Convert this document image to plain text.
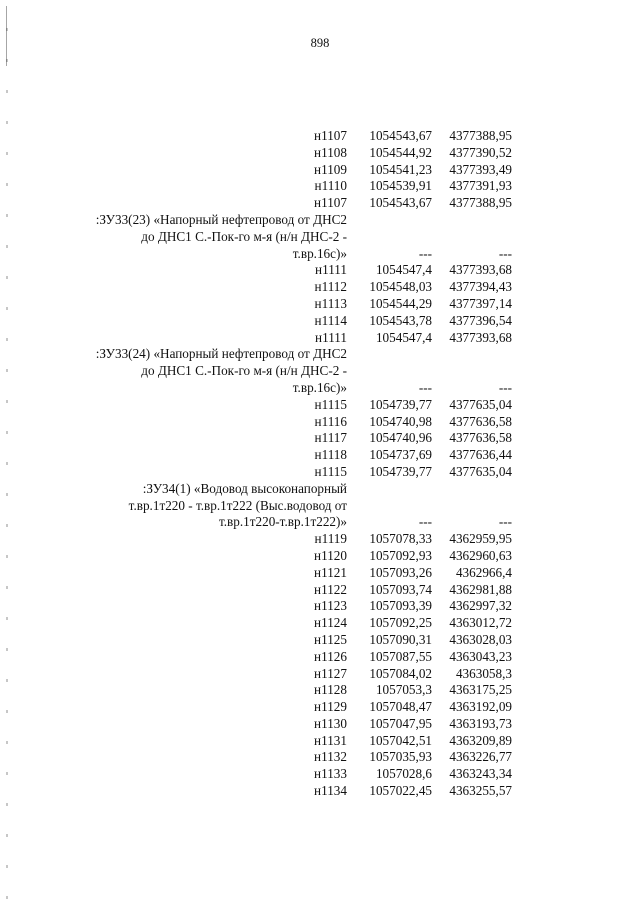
898
н1107	1054543,67	4377388,95
н1108	1054544,92	4377390,52
н1109	1054541,23	4377393,49
н1110	1054539,91	4377391,93
н1107	1054543,67	4377388,95
:ЗУ33(23) «Напорный нефтепровод от ДНС2
до ДНС1 С.-Пок-го м-я (н/н ДНС-2 -
т.вр.16с)»	---	---
н1111	1054547,4	4377393,68
н1112	1054548,03	4377394,43
н1113	1054544,29	4377397,14
н1114	1054543,78	4377396,54
н1111	1054547,4	4377393,68
:ЗУ33(24) «Напорный нефтепровод от ДНС2
до ДНС1 С.-Пок-го м-я (н/н ДНС-2 -
т.вр.16с)»	---	---
н1115	1054739,77	4377635,04
н1116	1054740,98	4377636,58
н1117	1054740,96	4377636,58
н1118	1054737,69	4377636,44
н1115	1054739,77	4377635,04
:ЗУ34(1) «Водовод высоконапорный
т.вр.1т220 - т.вр.1т222 (Выс.водовод от
т.вр.1т220-т.вр.1т222)»	---	---
н1119	1057078,33	4362959,95
н1120	1057092,93	4362960,63
н1121	1057093,26	4362966,4
н1122	1057093,74	4362981,88
н1123	1057093,39	4362997,32
н1124	1057092,25	4363012,72
н1125	1057090,31	4363028,03
н1126	1057087,55	4363043,23
н1127	1057084,02	4363058,3
н1128	1057053,3	4363175,25
н1129	1057048,47	4363192,09
н1130	1057047,95	4363193,73
н1131	1057042,51	4363209,89
н1132	1057035,93	4363226,77
н1133	1057028,6	4363243,34
н1134	1057022,45	4363255,57
